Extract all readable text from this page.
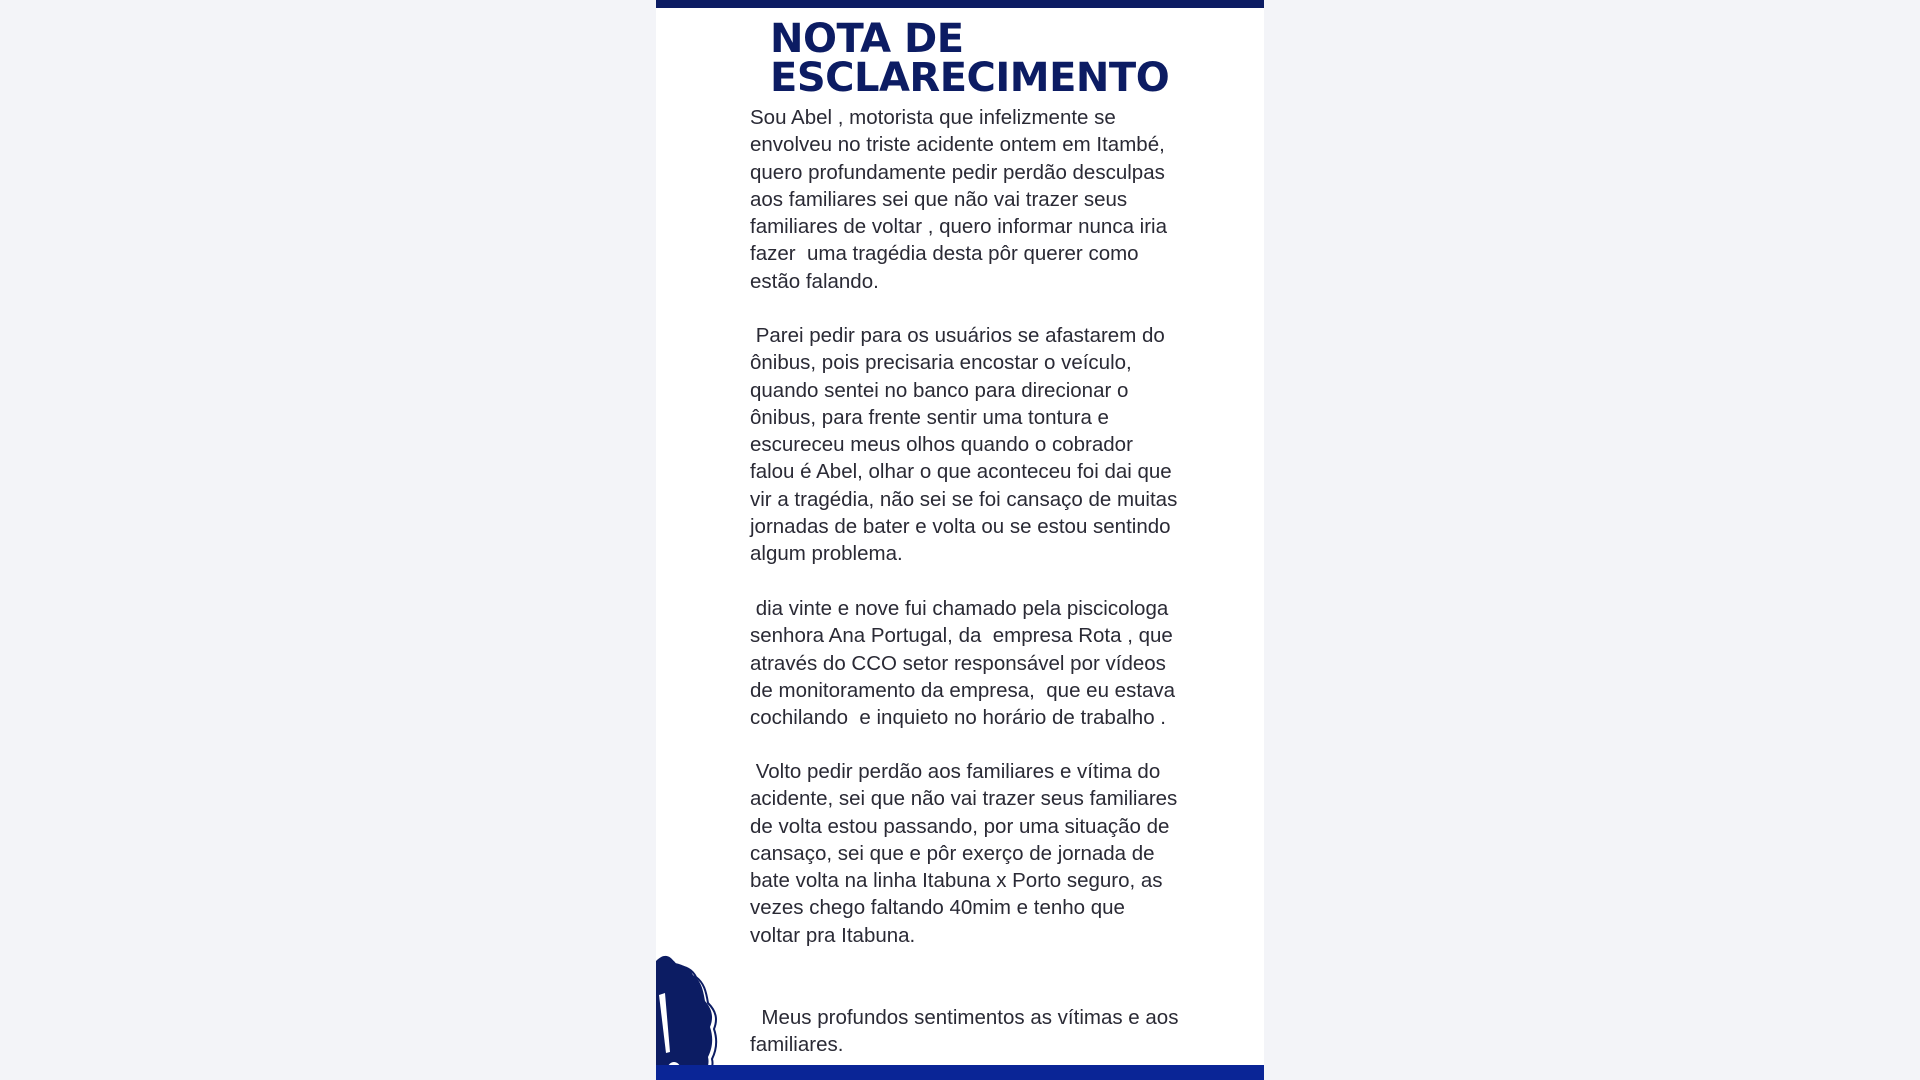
NOTA DE
ESCLARECIMENTO

Sou Abel , motorista que infelizmente se
envolveu no triste acidente ontem em Itambé,
quero profundamente pedir perdão desculpas
aos familiares sei que não vai trazer seus
familiares de voltar , quero informar nunca iria
fazer  uma tragédia desta pôr querer como
estão falando.

Parei pedir para os usuários se afastarem do
ônibus, pois precisaria encostar o veículo,
quando sentei no banco para direcionar o
ônibus, para frente sentir uma tontura e
escureceu meus olhos quando o cobrador
falou é Abel, olhar o que aconteceu foi dai que
vir a tragédia, não sei se foi cansaço de muitas
jornadas de bater e volta ou se estou sentindo
algum problema.

dia vinte e nove fui chamado pela piscicologa
senhora Ana Portugal, da  empresa Rota , que
através do CCO setor responsável por vídeos
de monitoramento da empresa,  que eu estava
cochilando  e inquieto no horário de trabalho .

Volto pedir perdão aos familiares e vítima do
acidente, sei que não vai trazer seus familiares
de volta estou passando, por uma situação de
cansaço, sei que e pôr exerço de jornada de
bate volta na linha Itabuna x Porto seguro, as
vezes chego faltando 40mim e tenho que
voltar pra Itabuna.

Meus profundos sentimentos as vítimas e aos
familiares.
